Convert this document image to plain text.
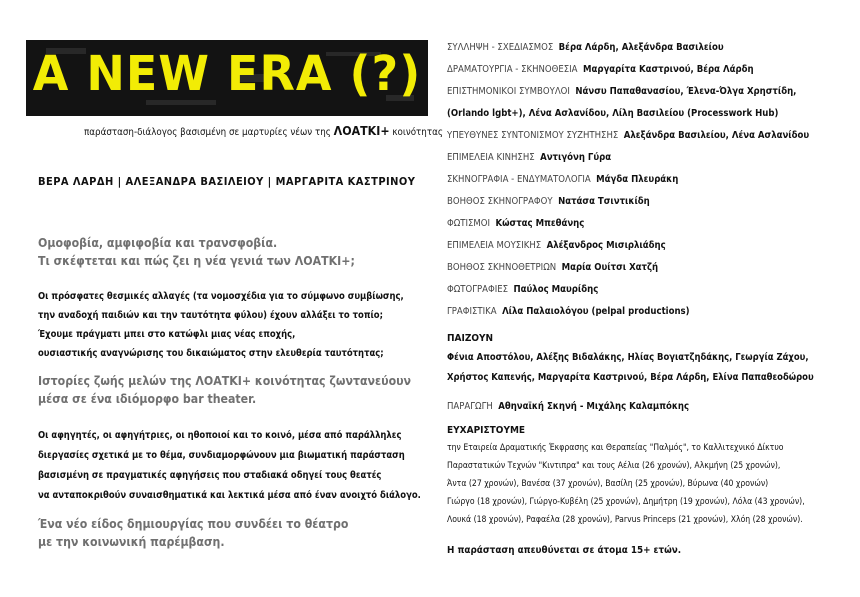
A NEW ERA (?)
παράσταση-διάλογος βασισμένη σε μαρτυρίες νέων της ΛΟΑΤΚΙ+ κοινότητας
ΒΕΡΑ ΛΑΡΔΗ | ΑΛΕΞΑΝΔΡΑ ΒΑΣΙΛΕΙΟΥ | ΜΑΡΓΑΡΙΤΑ ΚΑΣΤΡΙΝΟΥ
Ομοφοβία, αμφιφοβία και τρανσφοβία.
Τι σκέφτεται και πώς ζει η νέα γενιά των ΛΟΑΤΚΙ+;
Οι πρόσφατες θεσμικές αλλαγές (τα νομοσχέδια για το σύμφωνο συμβίωσης,
την αναδοχή παιδιών και την ταυτότητα φύλου) έχουν αλλάξει το τοπίο;
Έχουμε πράγματι μπει στο κατώφλι μιας νέας εποχής,
ουσιαστικής αναγνώρισης του δικαιώματος στην ελευθερία ταυτότητας;
Ιστορίες ζωής μελών της ΛΟΑΤΚΙ+ κοινότητας ζωντανεύουν
μέσα σε ένα ιδιόμορφο bar theater.
Οι αφηγητές, οι αφηγήτριες, οι ηθοποιοί και το κοινό, μέσα από παράλληλες
διεργασίες σχετικά με το θέμα, συνδιαμορφώνουν μια βιωματική παράσταση
βασισμένη σε πραγματικές αφηγήσεις που σταδιακά οδηγεί τους θεατές
να ανταποκριθούν συναισθηματικά και λεκτικά μέσα από έναν ανοιχτό διάλογο.
Ένα νέο είδος δημιουργίας που συνδέει το θέατρο
με την κοινωνική παρέμβαση.
ΣΥΛΛΗΨΗ - ΣΧΕΔΙΑΣΜΟΣ Βέρα Λάρδη, Αλεξάνδρα Βασιλείου
ΔΡΑΜΑΤΟΥΡΓΙΑ - ΣΚΗΝΟΘΕΣΙΑ Μαργαρίτα Καστρινού, Βέρα Λάρδη
ΕΠΙΣΤΗΜΟΝΙΚΟΙ ΣΥΜΒΟΥΛΟΙ Νάνσυ Παπαθανασίου, Έλενα-Όλγα Χρηστίδη,
(Orlando lgbt+), Λένα Ασλανίδου, Λίλη Βασιλείου (Processwork Hub)
ΥΠΕΥΘΥΝΕΣ ΣΥΝΤΟΝΙΣΜΟΥ ΣΥΖΗΤΗΣΗΣ Αλεξάνδρα Βασιλείου, Λένα Ασλανίδου
ΕΠΙΜΕΛΕΙΑ ΚΙΝΗΣΗΣ Αντιγόνη Γύρα
ΣΚΗΝΟΓΡΑΦΙΑ - ΕΝΔΥΜΑΤΟΛΟΓΙΑ Μάγδα Πλευράκη
ΒΟΗΘΟΣ ΣΚΗΝΟΓΡΑΦΟΥ Νατάσα Τσιντικίδη
ΦΩΤΙΣΜΟΙ Κώστας Μπεθάνης
ΕΠΙΜΕΛΕΙΑ ΜΟΥΣΙΚΗΣ Αλέξανδρος Μισιρλιάδης
ΒΟΗΘΟΣ ΣΚΗΝΟΘΕΤΡΙΩΝ Μαρία Ουίτσι Χατζή
ΦΩΤΟΓΡΑΦΙΕΣ Παύλος Μαυρίδης
ΓΡΑΦΙΣΤΙΚΑ Λίλα Παλαιολόγου (pelpal productions)
ΠΑΙΖΟΥΝ
Φένια Αποστόλου, Αλέξης Βιδαλάκης, Ηλίας Βογιατζηδάκης, Γεωργία Ζάχου,
Χρήστος Καπενής, Μαργαρίτα Καστρινού, Βέρα Λάρδη, Ελίνα Παπαθεοδώρου
ΠΑΡΑΓΩΓΗ Αθηναϊκή Σκηνή - Μιχάλης Καλαμπόκης
ΕΥΧΑΡΙΣΤΟΥΜΕ
την Εταιρεία Δραματικής Έκφρασης και Θεραπείας "Παλμός", το Καλλιτεχνικό Δίκτυο
Παραστατικών Τεχνών "Κιντιπρα" και τους Αέλια (26 χρονών), Αλκμήνη (25 χρονών),
Άντα (27 χρονών), Βανέσα (37 χρονών), Βασίλη (25 χρονών), Βύρωνα (40 χρονών)
Γιώργο (18 χρονών), Γιώργο-Κυβέλη (25 χρονών), Δημήτρη (19 χρονών), Λόλα (43 χρονών),
Λουκά (18 χρονών), Ραφαέλα (28 χρονών), Parvus Princeps (21 χρονών), Χλόη (28 χρονών).
Η παράσταση απευθύνεται σε άτομα 15+ ετών.
